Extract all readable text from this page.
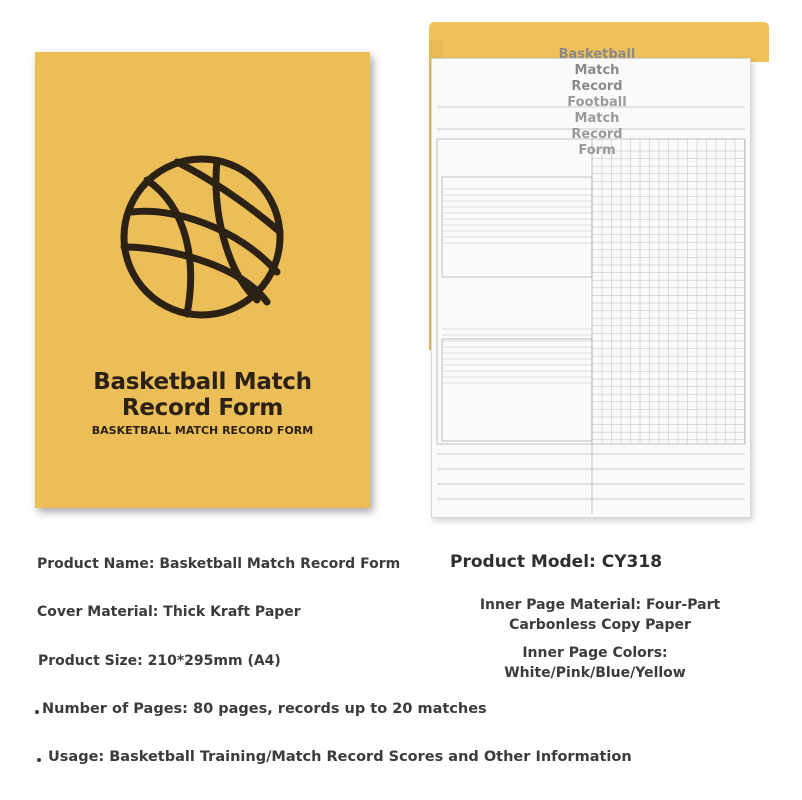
Basketball Match
Record Form
BASKETBALL MATCH RECORD FORM
Basketball
Match
Record
Football
Match
Record
Form
Product Name: Basketball Match Record Form
Cover Material: Thick Kraft Paper
Product Size: 210*295mm (A4)
Number of Pages: 80 pages, records up to 20 matches
Usage: Basketball Training/Match Record Scores and Other Information
Product Model: CY318
Inner Page Material: Four-Part
Carbonless Copy Paper
Inner Page Colors:
White/Pink/Blue/Yellow
